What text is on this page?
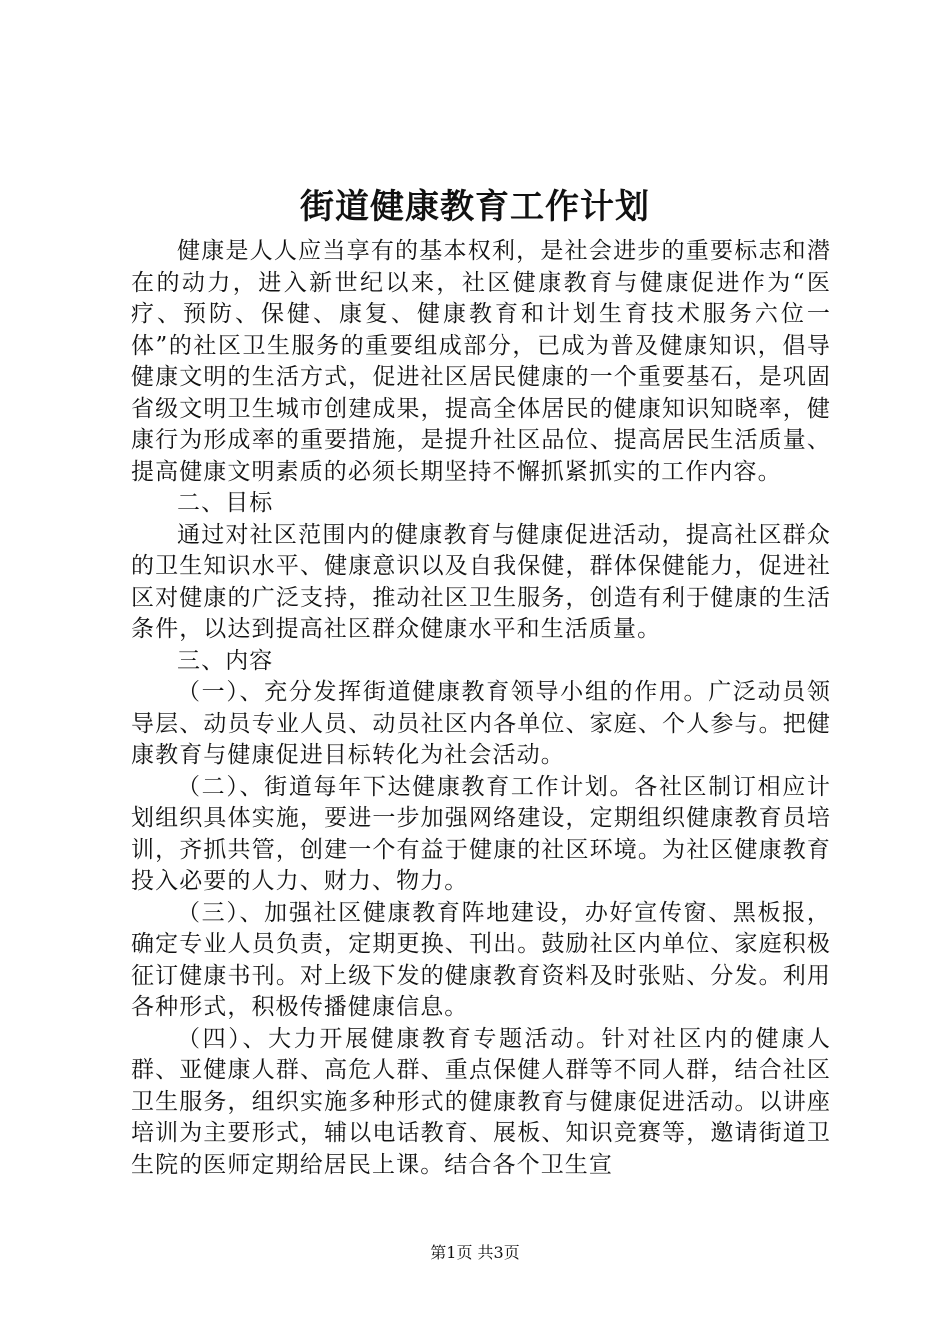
街道健康教育工作计划

健康是人人应当享有的基本权利，是社会进步的重要标志和潜在的动力，进入新世纪以来，社区健康教育与健康促进作为“医疗、预防、保健、康复、健康教育和计划生育技术服务六位一体”的社区卫生服务的重要组成部分，已成为普及健康知识，倡导健康文明的生活方式，促进社区居民健康的一个重要基石，是巩固省级文明卫生城市创建成果，提高全体居民的健康知识知晓率，健康行为形成率的重要措施，是提升社区品位、提高居民生活质量、提高健康文明素质的必须长期坚持不懈抓紧抓实的工作内容。

二、目标

通过对社区范围内的健康教育与健康促进活动，提高社区群众的卫生知识水平、健康意识以及自我保健，群体保健能力，促进社区对健康的广泛支持，推动社区卫生服务，创造有利于健康的生活条件，以达到提高社区群众健康水平和生活质量。

三、内容

（一）、充分发挥街道健康教育领导小组的作用。广泛动员领导层、动员专业人员、动员社区内各单位、家庭、个人参与。把健康教育与健康促进目标转化为社会活动。

（二）、街道每年下达健康教育工作计划。各社区制订相应计划组织具体实施，要进一步加强网络建设，定期组织健康教育员培训，齐抓共管，创建一个有益于健康的社区环境。为社区健康教育投入必要的人力、财力、物力。

（三）、加强社区健康教育阵地建设，办好宣传窗、黑板报，确定专业人员负责，定期更换、刊出。鼓励社区内单位、家庭积极征订健康书刊。对上级下发的健康教育资料及时张贴、分发。利用各种形式，积极传播健康信息。

（四）、大力开展健康教育专题活动。针对社区内的健康人群、亚健康人群、高危人群、重点保健人群等不同人群，结合社区卫生服务，组织实施多种形式的健康教育与健康促进活动。以讲座培训为主要形式，辅以电话教育、展板、知识竞赛等，邀请街道卫生院的医师定期给居民上课。结合各个卫生宣

第1页 共3页
